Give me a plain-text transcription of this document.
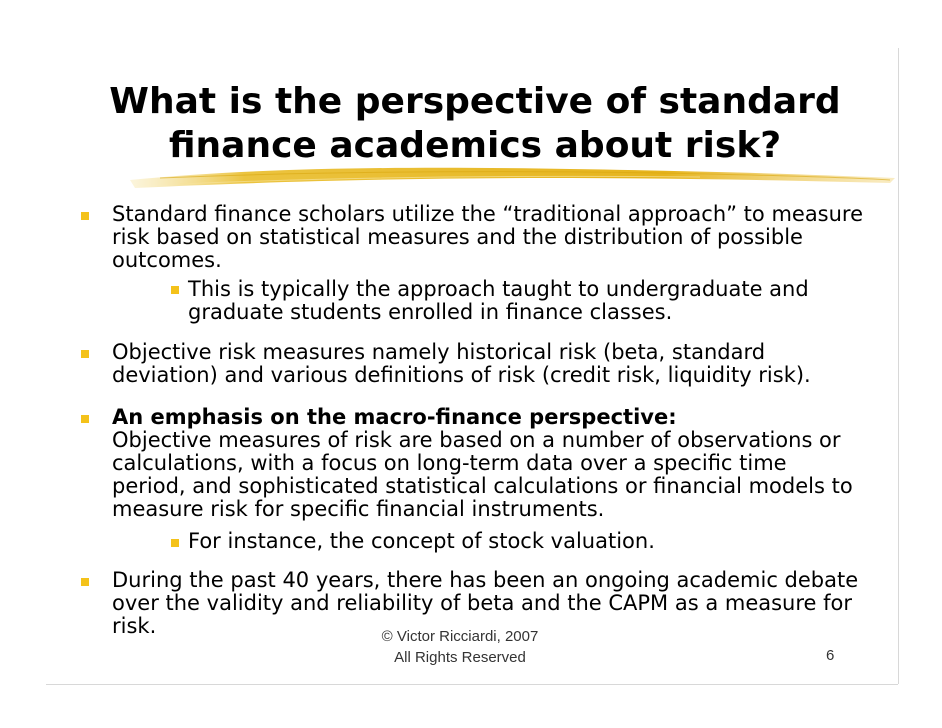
What is the perspective of standard
finance academics about risk?
Standard finance scholars utilize the “traditional approach” to measure
risk based on statistical measures and the distribution of possible
outcomes.
This is typically the approach taught to undergraduate and
graduate students enrolled in finance classes.
Objective risk measures namely historical risk (beta, standard
deviation) and various definitions of risk (credit risk, liquidity risk).
An emphasis on the macro-finance perspective:
Objective measures of risk are based on a number of observations or
calculations, with a focus on long-term data over a specific time
period, and sophisticated statistical calculations or financial models to
measure risk for specific financial instruments.
For instance, the concept of stock valuation.
During the past 40 years, there has been an ongoing academic debate
over the validity and reliability of beta and the CAPM as a measure for
risk.	© Victor Ricciardi, 2007
All Rights Reserved	6
